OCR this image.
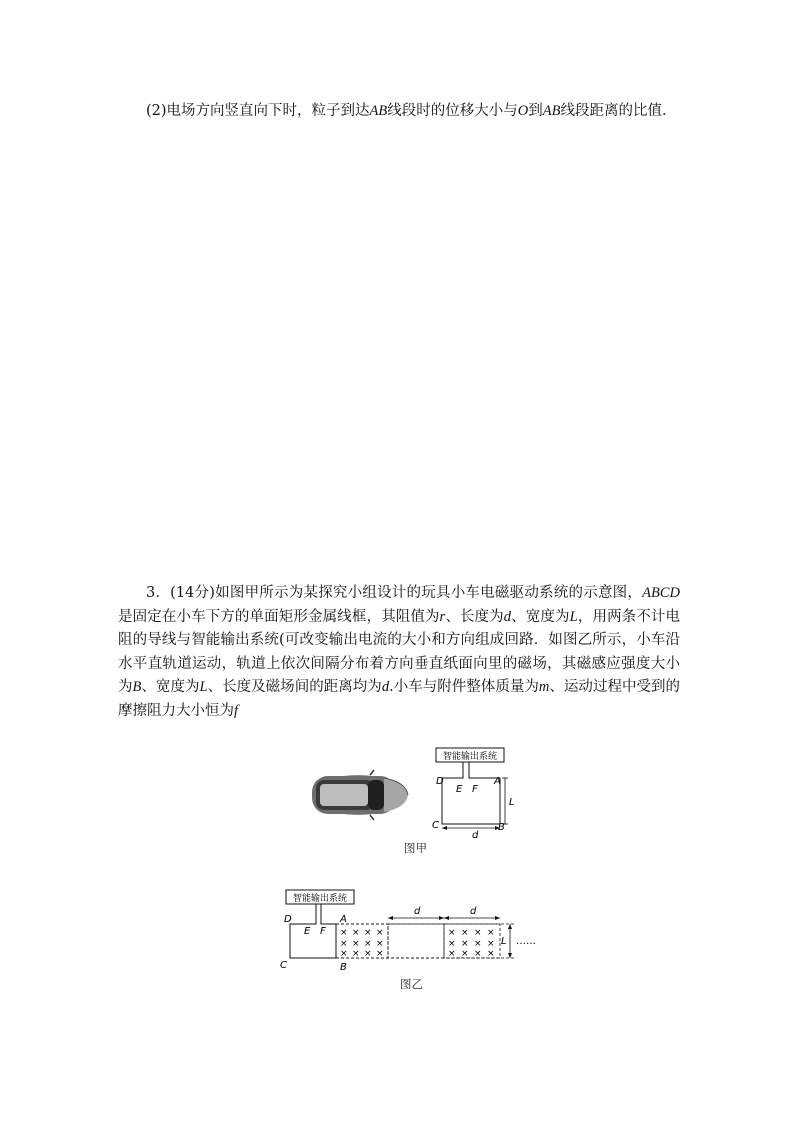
(2)电场方向竖直向下时，粒子到达AB线段时的位移大小与O到AB线段距离的比值．

3．(14分)如图甲所示为某探究小组设计的玩具小车电磁驱动系统的示意图，ABCD是固定在小车下方的单面矩形金属线框，其阻值为r、长度为d、宽度为L，用两条不计电阻的导线与智能输出系统(可改变输出电流的大小和方向组成回路．如图乙所示，小车沿水平直轨道运动，轨道上依次间隔分布着方向垂直纸面向里的磁场，其磁感应强度大小为B、宽度为L、长度及磁场间的距离均为d.小车与附件整体质量为m、运动过程中受到的摩擦阻力大小恒为f

智能输出系统
D	A
E F
C	B
L
d
图甲
智能输出系统
× × × ×
× × × ×
× × × ×
× × × ×
× × × ×
× × × ×
d	d
L ……
D	A
E F
C	B
图乙
